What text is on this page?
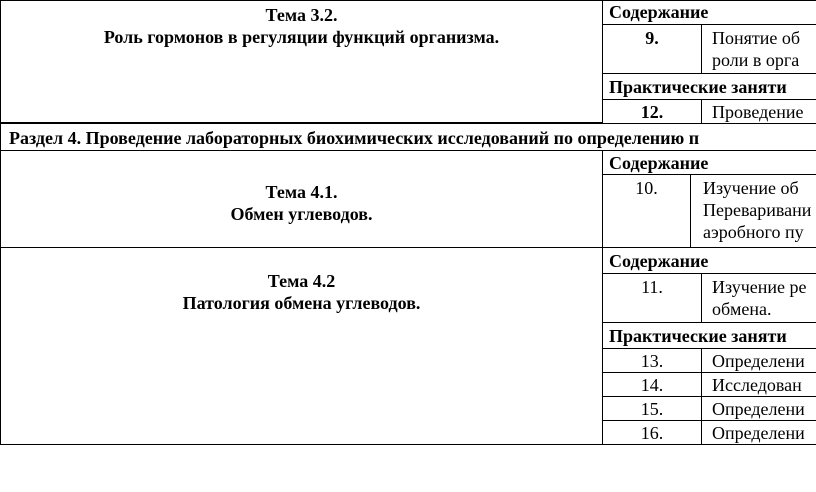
Тема 3.2.
Роль гормонов в регуляции функций организма.
Содержание
9.	Понятие об
роли в орга
Практические заняти
12.	Проведение
Раздел 4. Проведение лабораторных биохимических исследований по определению п
Тема 4.1.
Обмен углеводов.
Содержание
10.	Изучение об
Переваривани
аэробного пу
Тема 4.2
Патология обмена углеводов.
Содержание
11.	Изучение ре
обмена.
Практические заняти
13.	Определени
14.	Исследован
15.	Определени
16.	Определени
